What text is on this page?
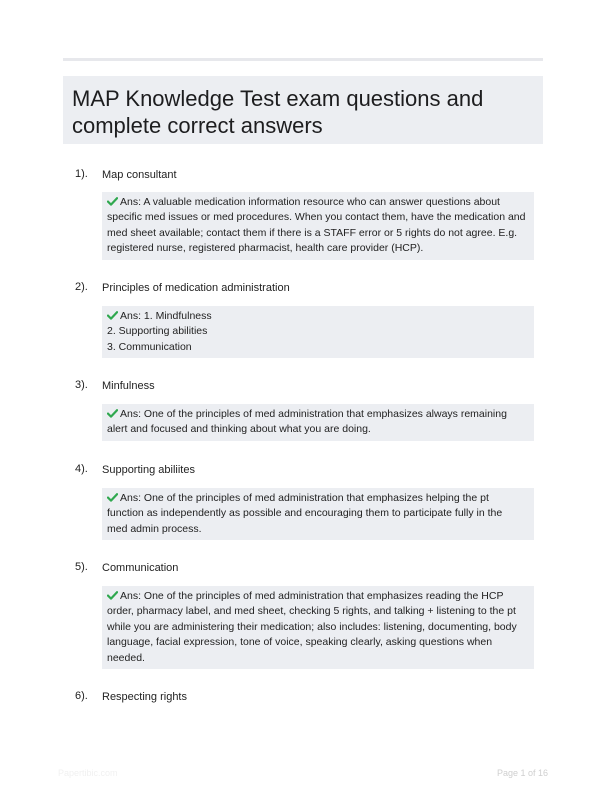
MAP Knowledge Test exam questions and
complete correct answers
1). Map consultant
Ans: A valuable medication information resource who can answer questions about
specific med issues or med procedures. When you contact them, have the medication and
med sheet available; contact them if there is a STAFF error or 5 rights do not agree. E.g.
registered nurse, registered pharmacist, health care provider (HCP).
2). Principles of medication administration
Ans: 1. Mindfulness
2. Supporting abilities
3. Communication
3). Minfulness
Ans: One of the principles of med administration that emphasizes always remaining
alert and focused and thinking about what you are doing.
4). Supporting abiliites
Ans: One of the principles of med administration that emphasizes helping the pt
function as independently as possible and encouraging them to participate fully in the
med admin process.
5). Communication
Ans: One of the principles of med administration that emphasizes reading the HCP
order, pharmacy label, and med sheet, checking 5 rights, and talking + listening to the pt
while you are administering their medication; also includes: listening, documenting, body
language, facial expression, tone of voice, speaking clearly, asking questions when
needed.
6). Respecting rights
Papertibic.com	Page 1 of 16
